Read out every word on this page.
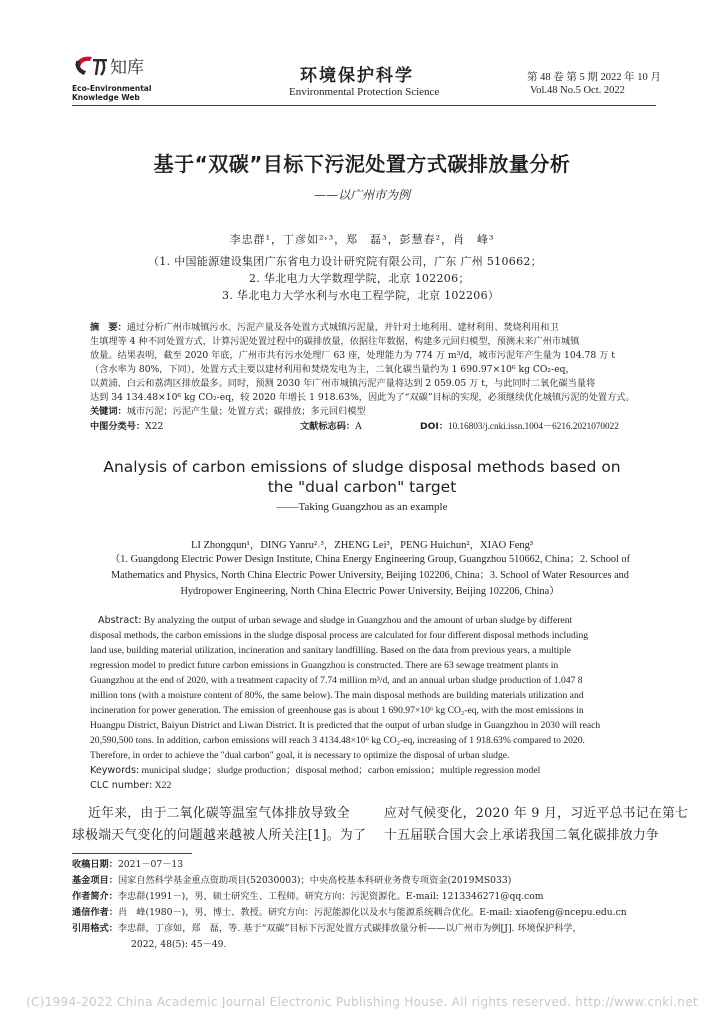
知库
Eco-Environmental
Knowledge Web
环境保护科学
Environmental Protection Science
第 48 卷 第 5 期 2022 年 10 月
Vol.48 No.5 Oct. 2022
基于“双碳”目标下污泥处置方式碳排放量分析
——以广州市为例
李忠群¹，丁彦如²˒³，郑　磊³，彭慧春²，肖　峰³
（1. 中国能源建设集团广东省电力设计研究院有限公司，广东 广州 510662；
2. 华北电力大学数理学院，北京 102206；
3. 华北电力大学水利与水电工程学院，北京 102206）
摘　要：通过分析广州市城镇污水、污泥产量及各处置方式城镇污泥量，并针对土地利用、建材利用、焚烧利用和卫
生填埋等 4 种不同处置方式，计算污泥处置过程中的碳排放量，依据往年数据，构建多元回归模型，预测未来广州市城镇
放量。结果表明，截至 2020 年底，广州市共有污水处理厂 63 座，处理能力为 774 万 m³/d，城市污泥年产生量为 104.78 万 t
（含水率为 80%，下同），处置方式主要以建材利用和焚烧发电为主，二氧化碳当量约为 1 690.97×10⁶ kg CO₂-eq，
以黄浦、白云和荔湾区排放最多。同时，预测 2030 年广州市城镇污泥产量将达到 2 059.05 万 t，与此同时二氧化碳当量将
达到 34 134.48×10⁶ kg CO₂-eq，较 2020 年增长 1 918.63%，因此为了“双碳”目标的实现，必须继续优化城镇污泥的处置方式。
关键词：城市污泥；污泥产生量；处置方式；碳排放；多元回归模型
中图分类号：X22	文献标志码：A	DOI：10.16803/j.cnki.issn.1004－6216.2021070022
Analysis of carbon emissions of sludge disposal methods based on
the "dual carbon" target
——Taking Guangzhou as an example
LI Zhongqun¹，DING Yanru²˒³，ZHENG Lei³，PENG Huichun²，XIAO Feng³
（1. Guangdong Electric Power Design Institute, China Energy Engineering Group, Guangzhou 510662, China；2. School of
Mathematics and Physics, North China Electric Power University, Beijing 102206, China；3. School of Water Resources and
Hydropower Engineering, North China Electric Power University, Beijing 102206, China）
Abstract: By analyzing the output of urban sewage and sludge in Guangzhou and the amount of urban sludge by different
disposal methods, the carbon emissions in the sludge disposal process are calculated for four different disposal methods including
land use, building material utilization, incineration and sanitary landfilling. Based on the data from previous years, a multiple
regression model to predict future carbon emissions in Guangzhou is constructed. There are 63 sewage treatment plants in
Guangzhou at the end of 2020, with a treatment capacity of 7.74 million m³/d, and an annual urban sludge production of 1.047 8
million tons (with a moisture content of 80%, the same below). The main disposal methods are building materials utilization and
incineration for power generation. The emission of greenhouse gas is about 1 690.97×10⁶ kg CO₂-eq, with the most emissions in
Huangpu District, Baiyun District and Liwan District. It is predicted that the output of urban sludge in Guangzhou in 2030 will reach
20,590,500 tons. In addition, carbon emissions will reach 3 4134.48×10⁶ kg CO₂-eq, increasing of 1 918.63% compared to 2020.
Therefore, in order to achieve the "dual carbon" goal, it is necessary to optimize the disposal of urban sludge.
Keywords: municipal sludge；sludge production；disposal method；carbon emission；multiple regression model
CLC number: X22
近年来，由于二氧化碳等温室气体排放导致全
球极端天气变化的问题越来越被人所关注[1]。为了
应对气候变化，2020 年 9 月，习近平总书记在第七
十五届联合国大会上承诺我国二氧化碳排放力争
收稿日期：2021－07－13
基金项目：国家自然科学基金重点资助项目(52030003)；中央高校基本科研业务费专项资金(2019MS033)
作者简介：李忠群(1991－)，男，硕士研究生、工程师。研究方向：污泥资源化。E-mail: 1213346271@qq.com
通信作者：肖　峰(1980－)，男，博士、教授。研究方向：污泥能源化以及水与能源系统耦合优化。E-mail: xiaofeng@ncepu.edu.cn
引用格式：李忠群，丁彦如，郑　磊，等. 基于“双碳”目标下污泥处置方式碳排放量分析——以广州市为例[J]. 环境保护科学，
2022, 48(5): 45－49.
(C)1994-2022 China Academic Journal Electronic Publishing House. All rights reserved. http://www.cnki.net
